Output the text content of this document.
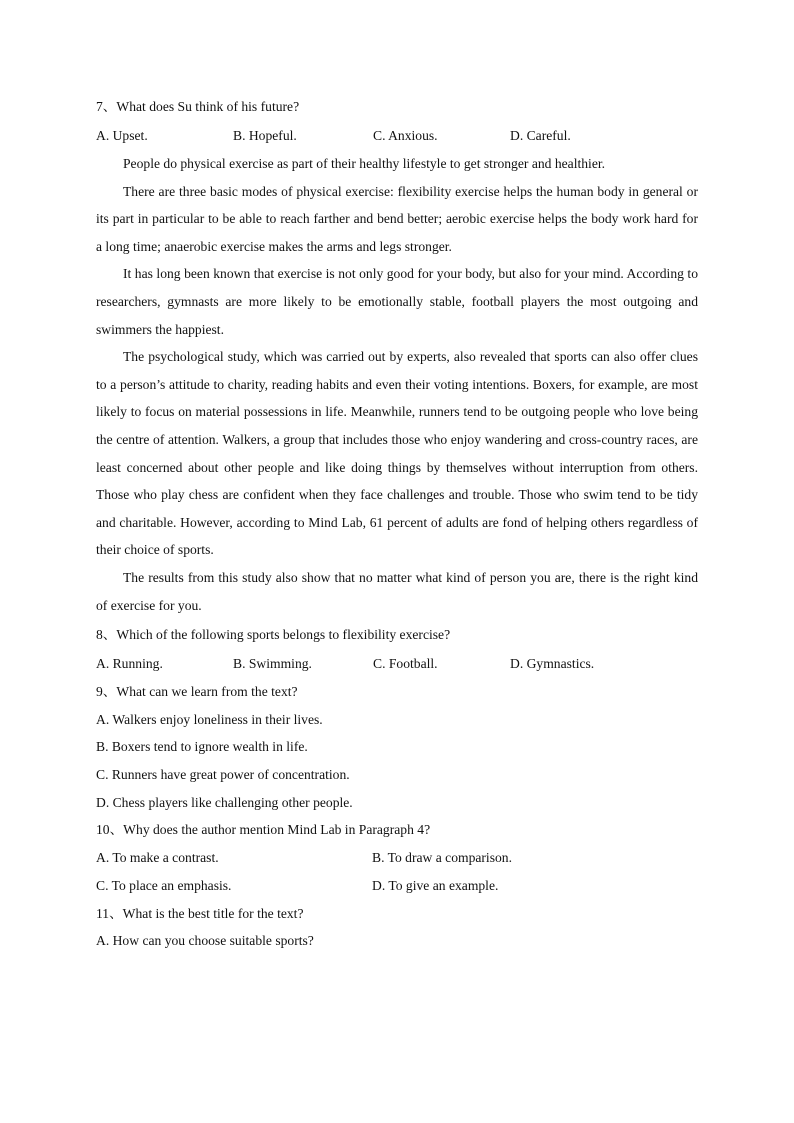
7、What does Su think of his future?

A. Upset.	B. Hopeful.	C. Anxious.	D. Careful.

People do physical exercise as part of their healthy lifestyle to get stronger and healthier.

There are three basic modes of physical exercise: flexibility exercise helps the human body in general or its part in particular to be able to reach farther and bend better; aerobic exercise helps the body work hard for a long time; anaerobic exercise makes the arms and legs stronger.

It has long been known that exercise is not only good for your body, but also for your mind. According to researchers, gymnasts are more likely to be emotionally stable, football players the most outgoing and swimmers the happiest.

The psychological study, which was carried out by experts, also revealed that sports can also offer clues to a person’s attitude to charity, reading habits and even their voting intentions. Boxers, for example, are most likely to focus on material possessions in life. Meanwhile, runners tend to be outgoing people who love being the centre of attention. Walkers, a group that includes those who enjoy wandering and cross-country races, are least concerned about other people and like doing things by themselves without interruption from others. Those who play chess are confident when they face challenges and trouble. Those who swim tend to be tidy and charitable. However, according to Mind Lab, 61 percent of adults are fond of helping others regardless of their choice of sports.

The results from this study also show that no matter what kind of person you are, there is the right kind of exercise for you.

8、Which of the following sports belongs to flexibility exercise?

A. Running.	B. Swimming.	C. Football.	D. Gymnastics.

9、What can we learn from the text?

A. Walkers enjoy loneliness in their lives.
B. Boxers tend to ignore wealth in life.
C. Runners have great power of concentration.
D. Chess players like challenging other people.

10、Why does the author mention Mind Lab in Paragraph 4?

A. To make a contrast.	B. To draw a comparison.
C. To place an emphasis.	D. To give an example.

11、What is the best title for the text?

A. How can you choose suitable sports?
